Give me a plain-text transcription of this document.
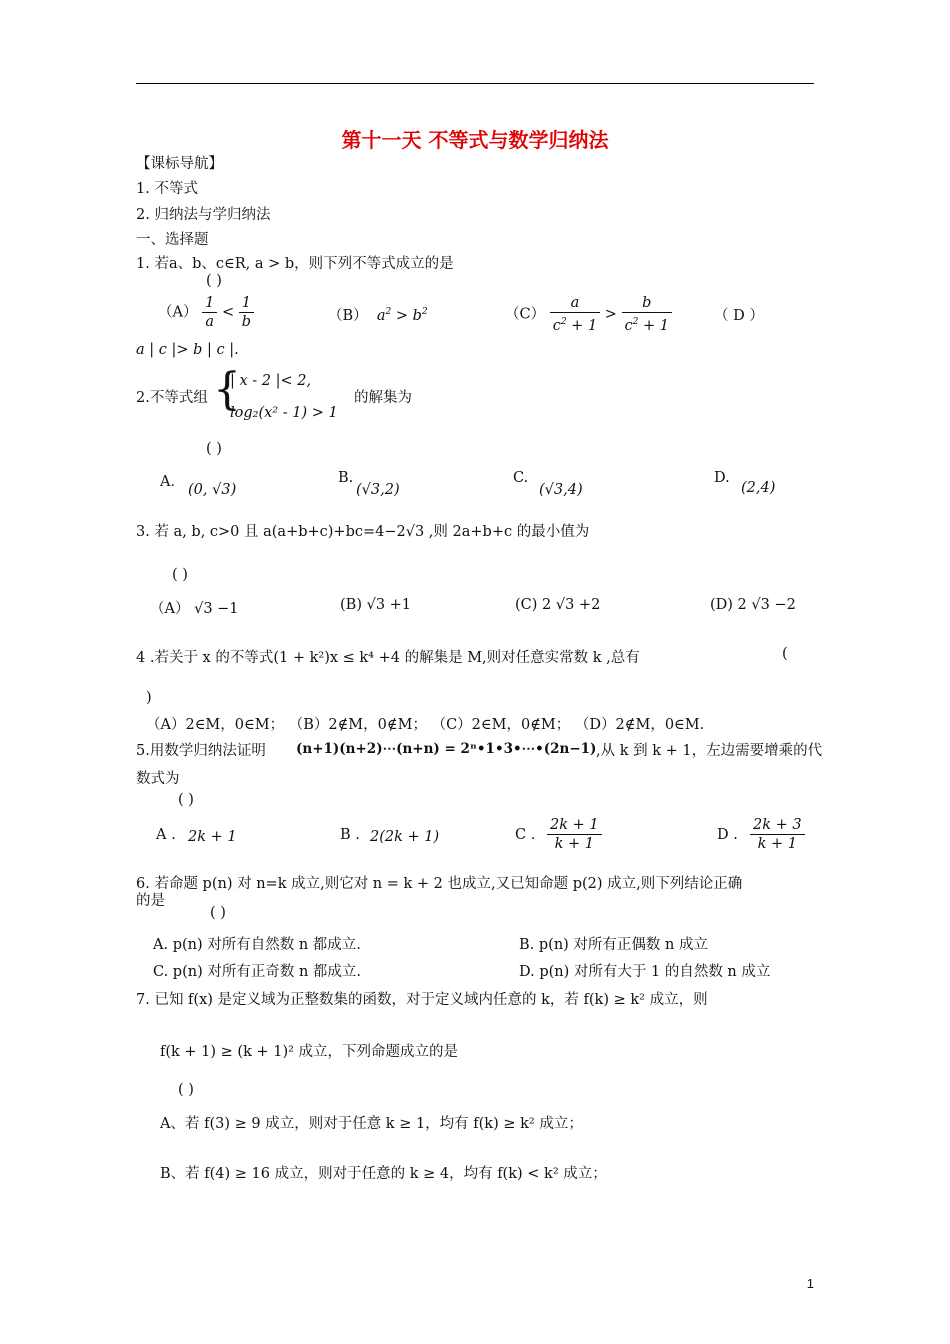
第十一天 不等式与数学归纳法
【课标导航】
1. 不等式
2. 归纳法与学归纳法
一、选择题
1. 若a、b、c∈R, a > b，则下列不等式成立的是
( )
$(A) \frac{1}{a} < \frac{1}{b}$	（B）  $a^2 > b^2$	$(C) \frac{a}{c^2 + 1} > \frac{b}{c^2 + 1}$	（ D ）
a | c |> b | c |.
2.不等式组 {
| x - 2 |< 2,
log₂(x² - 1) > 1
的解集为
( )
A． (0, √3)
B.
(√3,2)
C.
(√3,4)
D.
(2,4)
3. 若 a, b, c>0 且 a(a+b+c)+bc=4−2√3 ,则 2a+b+c 的最小值为
( )
（A） √3 −1	(B) √3 +1	(C) 2 √3 +2	(D) 2 √3 −2
4 .若关于 x 的不等式(1 + k²)x ≤ k⁴ +4 的解集是 M,则对任意实常数 k ,总有	(
)
（A）2∈M，0∈M； （B）2∉M，0∉M； （C）2∈M，0∉M； （D）2∉M，0∈M.
5.用数学归纳法证明 (n+1)(n+2)⋯(n+n) = 2ⁿ•1•3•⋯•(2n−1) ,从 k 到 k + 1，左边需要增乘的代
数式为
( )
A . 2k + 1	B . 2(2k + 1)	C . $\frac{2k + 1}{k + 1}$	D . $\frac{2k + 3}{k + 1}$
6. 若命题 p(n) 对 n=k 成立,则它对 n = k + 2 也成立,又已知命题 p(2) 成立,则下列结论正确
的是
( )
A. p(n) 对所有自然数 n 都成立.	B. p(n) 对所有正偶数 n 成立
C. p(n) 对所有正奇数 n 都成立.	D. p(n) 对所有大于 1 的自然数 n 成立
7. 已知 f(x) 是定义域为正整数集的函数，对于定义域内任意的 k，若 f(k) ≥ k² 成立，则
f(k + 1) ≥ (k + 1)² 成立，下列命题成立的是
( )
A、若 f(3) ≥ 9 成立，则对于任意 k ≥ 1，均有 f(k) ≥ k² 成立；
B、若 f(4) ≥ 16 成立，则对于任意的 k ≥ 4，均有 f(k) < k² 成立；
1
